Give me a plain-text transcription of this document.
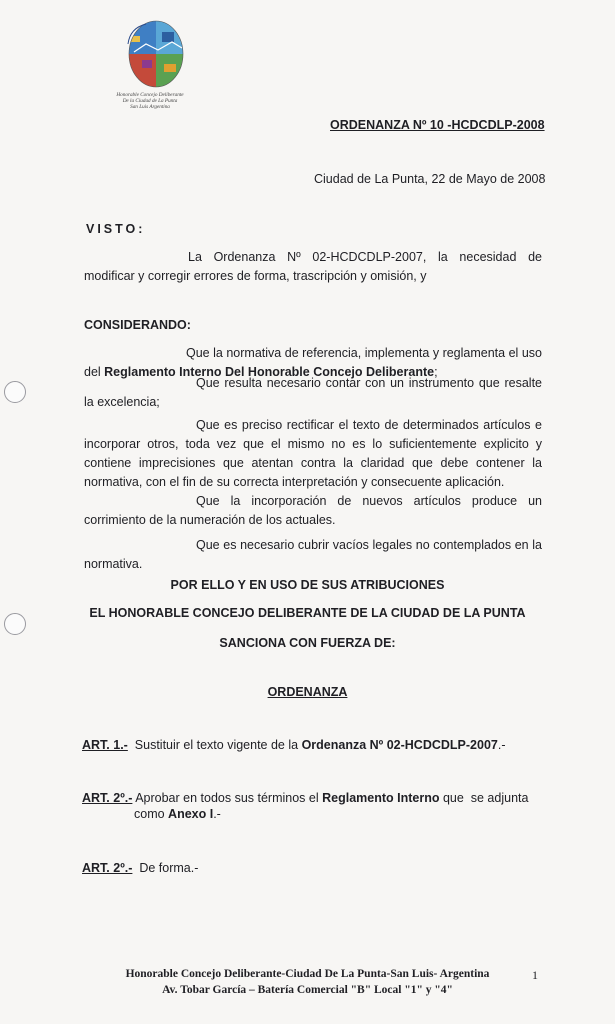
Honorable Concejo Deliberante
De la Ciudad de La Punta
San Luis Argentina
ORDENANZA Nº 10 -HCDCDLP-2008
Ciudad de La Punta, 22 de Mayo de 2008
VISTO:
La Ordenanza Nº 02-HCDCDLP-2007, la necesidad de modificar y corregir errores de forma, trascripción y omisión, y
CONSIDERANDO:
Que la normativa de referencia, implementa y reglamenta el uso del Reglamento Interno Del Honorable Concejo Deliberante;
Que resulta necesario contar con un instrumento que resalte la excelencia;
Que es preciso rectificar el texto de determinados artículos e incorporar otros, toda vez que el mismo no es lo suficientemente explicito y contiene imprecisiones que atentan contra la claridad que debe contener la normativa, con el fin de su correcta interpretación y consecuente aplicación.
Que la incorporación de nuevos artículos produce un corrimiento de la numeración de los actuales.
Que es necesario cubrir vacíos legales no contemplados en la normativa.
POR ELLO Y EN USO DE SUS ATRIBUCIONES
EL HONORABLE CONCEJO DELIBERANTE DE LA CIUDAD DE LA PUNTA
SANCIONA CON FUERZA DE:
ORDENANZA
ART. 1.- Sustituir el texto vigente de la Ordenanza Nº 02-HCDCDLP-2007.-
ART. 2º.- Aprobar en todos sus términos el Reglamento Interno que  se adjunta
como Anexo I.-
ART. 2º.- De forma.-
Honorable Concejo Deliberante-Ciudad De La Punta-San Luis- Argentina
Av. Tobar García – Batería Comercial "B" Local "1" y "4"
1
